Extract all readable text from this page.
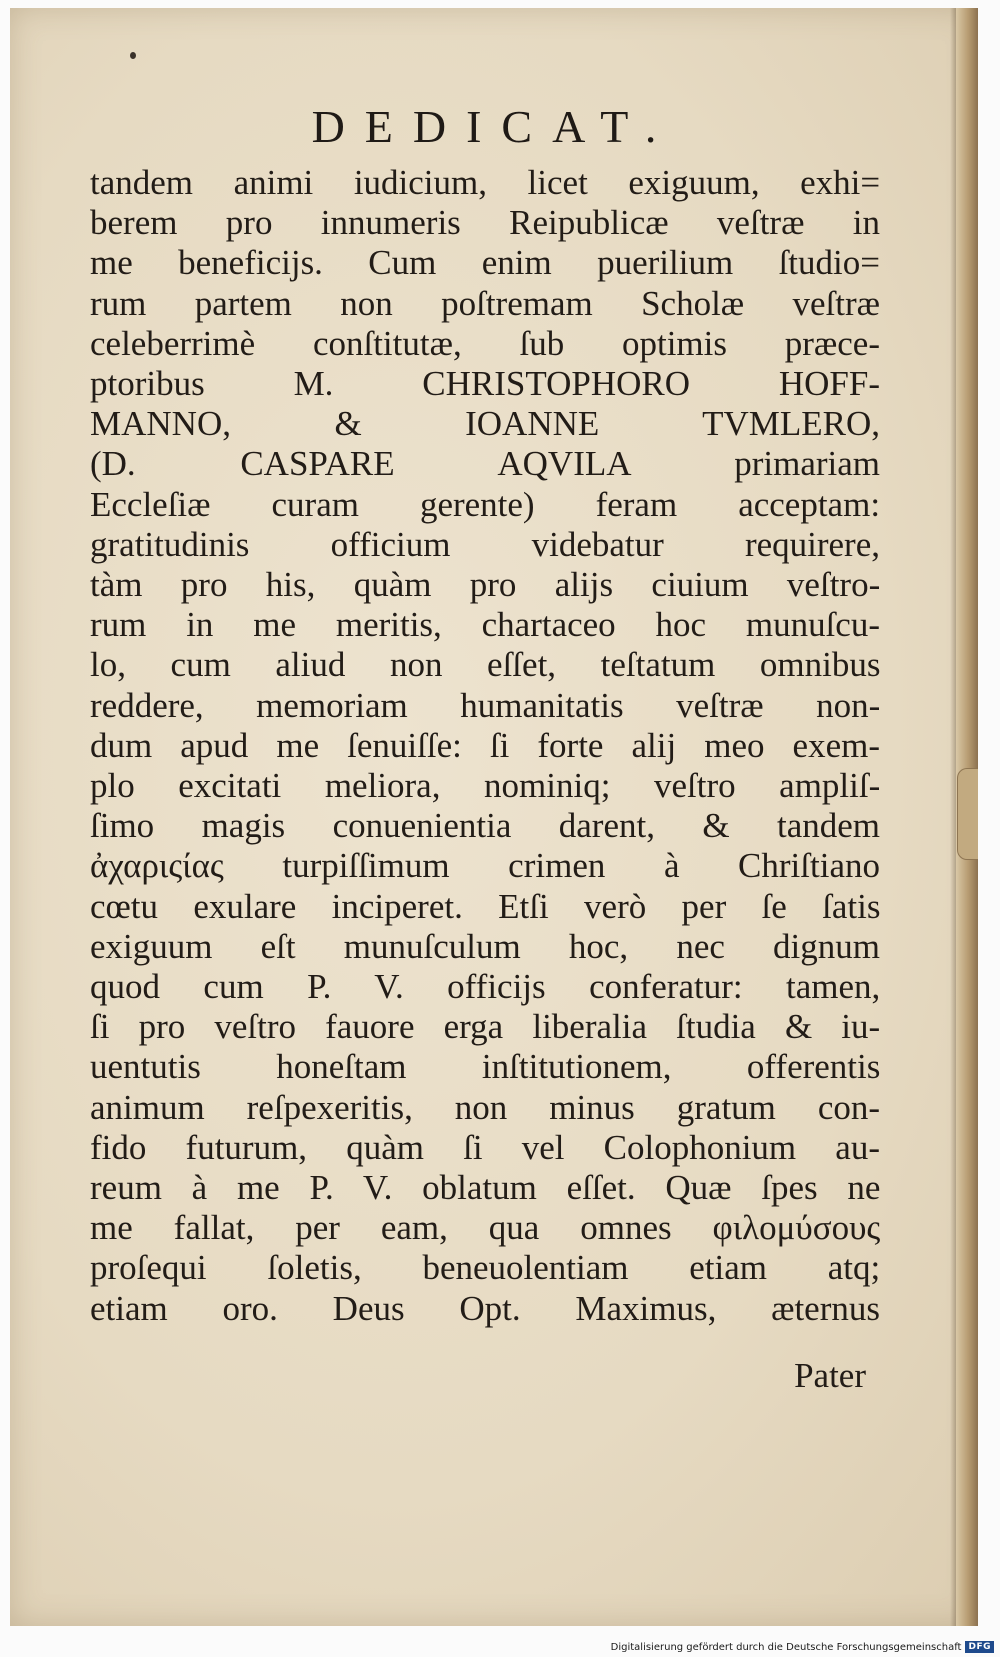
DEDICAT.
tandem animi iudicium, licet exiguum, exhi=
berem pro innumeris Reipublicæ veſtræ in
me beneficijs. Cum enim puerilium ſtudio=
rum partem non poſtremam Scholæ veſtræ
celeberrimè conſtitutæ, ſub optimis præce-
ptoribus M. CHRISTOPHORO HOFF-
MANNO, & IOANNE TVMLERO,
(D. CASPARE AQVILA primariam
Eccleſiæ curam gerente) feram acceptam:
gratitudinis officium videbatur requirere,
tàm pro his, quàm pro alijs ciuium veſtro-
rum in me meritis, chartaceo hoc munuſcu-
lo, cum aliud non eſſet, teſtatum omnibus
reddere, memoriam humanitatis veſtræ non-
dum apud me ſenuiſſe: ſi forte alij meo exem-
plo excitati meliora, nominiq; veſtro ampliſ-
ſimo magis conuenientia darent, & tandem
ἀχαριςίας turpiſſimum crimen à Chriſtiano
cœtu exulare inciperet. Etſi verò per ſe ſatis
exiguum eſt munuſculum hoc, nec dignum
quod cum P. V. officijs conferatur: tamen,
ſi pro veſtro fauore erga liberalia ſtudia & iu-
uentutis honeſtam inſtitutionem, offerentis
animum reſpexeritis, non minus gratum con-
fido futurum, quàm ſi vel Colophonium au-
reum à me P. V. oblatum eſſet. Quæ ſpes ne
me fallat, per eam, qua omnes φιλομύσους
proſequi ſoletis, beneuolentiam etiam atq;
etiam oro. Deus Opt. Maximus, æternus
Pater
Digitalisierung gefördert durch die Deutsche Forschungsgemeinschaft DFG
